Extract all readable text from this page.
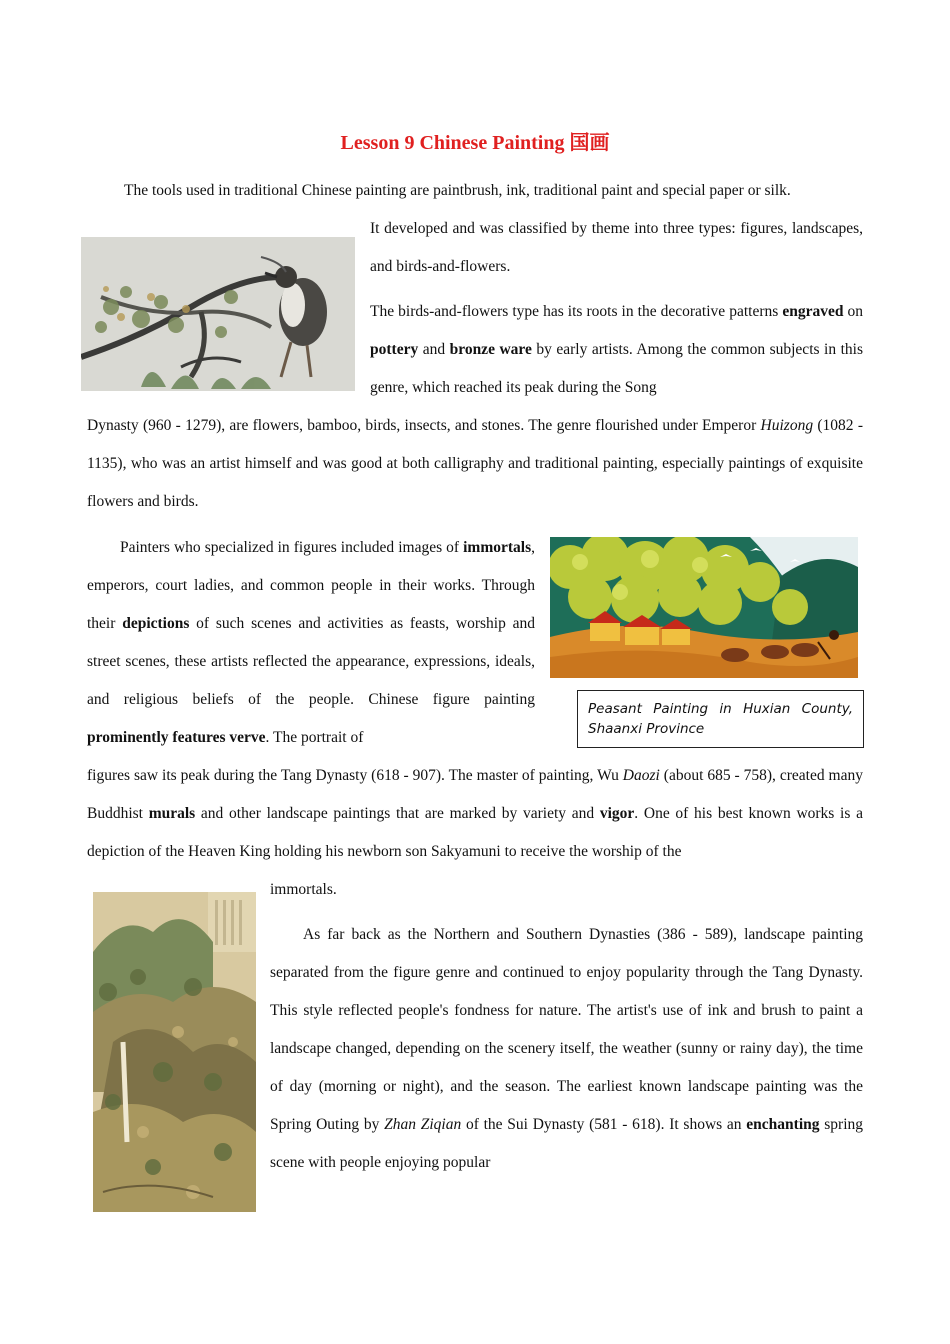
Lesson 9 Chinese Painting 国画

The tools used in traditional Chinese painting are paintbrush, ink, traditional paint and special paper or silk.

It developed and was classified by theme into three types: figures, landscapes, and birds-and-flowers.

The birds-and-flowers type has its roots in the decorative patterns engraved on pottery and bronze ware by early artists. Among the common subjects in this genre, which reached its peak during the Song

Dynasty (960 - 1279), are flowers, bamboo, birds, insects, and stones. The genre flourished under Emperor Huizong (1082 - 1135), who was an artist himself and was good at both calligraphy and traditional painting, especially paintings of exquisite flowers and birds.

Peasant Painting in Huxian County, Shaanxi Province

Painters who specialized in figures included images of immortals, emperors, court ladies, and common people in their works. Through their depictions of such scenes and activities as feasts, worship and street scenes, these artists reflected the appearance, expressions, ideals, and religious beliefs of the people. Chinese figure painting prominently features verve. The portrait of

figures saw its peak during the Tang Dynasty (618 - 907). The master of painting, Wu Daozi (about 685 - 758), created many Buddhist murals and other landscape paintings that are marked by variety and vigor. One of his best known works is a depiction of the Heaven King holding his newborn son Sakyamuni to receive the worship of the

immortals.

As far back as the Northern and Southern Dynasties (386 - 589), landscape painting separated from the figure genre and continued to enjoy popularity through the Tang Dynasty. This style reflected people's fondness for nature. The artist's use of ink and brush to paint a landscape changed, depending on the scenery itself, the weather (sunny or rainy day), the time of day (morning or night), and the season. The earliest known landscape painting was the Spring Outing by Zhan Ziqian of the Sui Dynasty (581 - 618). It shows an enchanting spring scene with people enjoying popular
